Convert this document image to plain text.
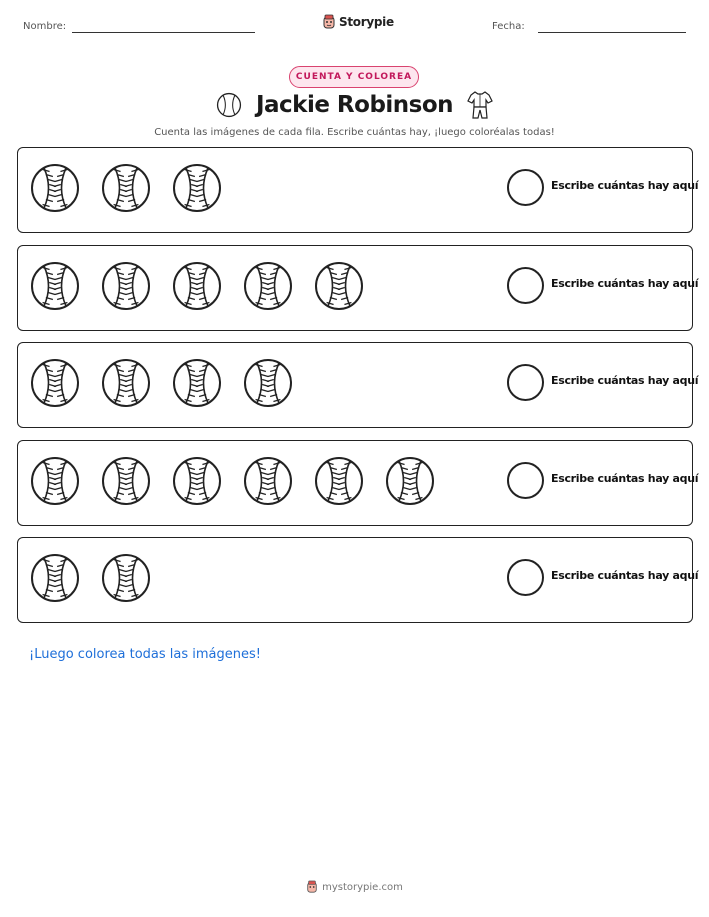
Nombre:	Storypie	Fecha:
CUENTA Y COLOREA
Jackie Robinson
Cuenta las imágenes de cada fila. Escribe cuántas hay, ¡luego coloréalas todas!
Escribe cuántas hay aquí
Escribe cuántas hay aquí
Escribe cuántas hay aquí
Escribe cuántas hay aquí
Escribe cuántas hay aquí
¡Luego colorea todas las imágenes!
mystorypie.com
